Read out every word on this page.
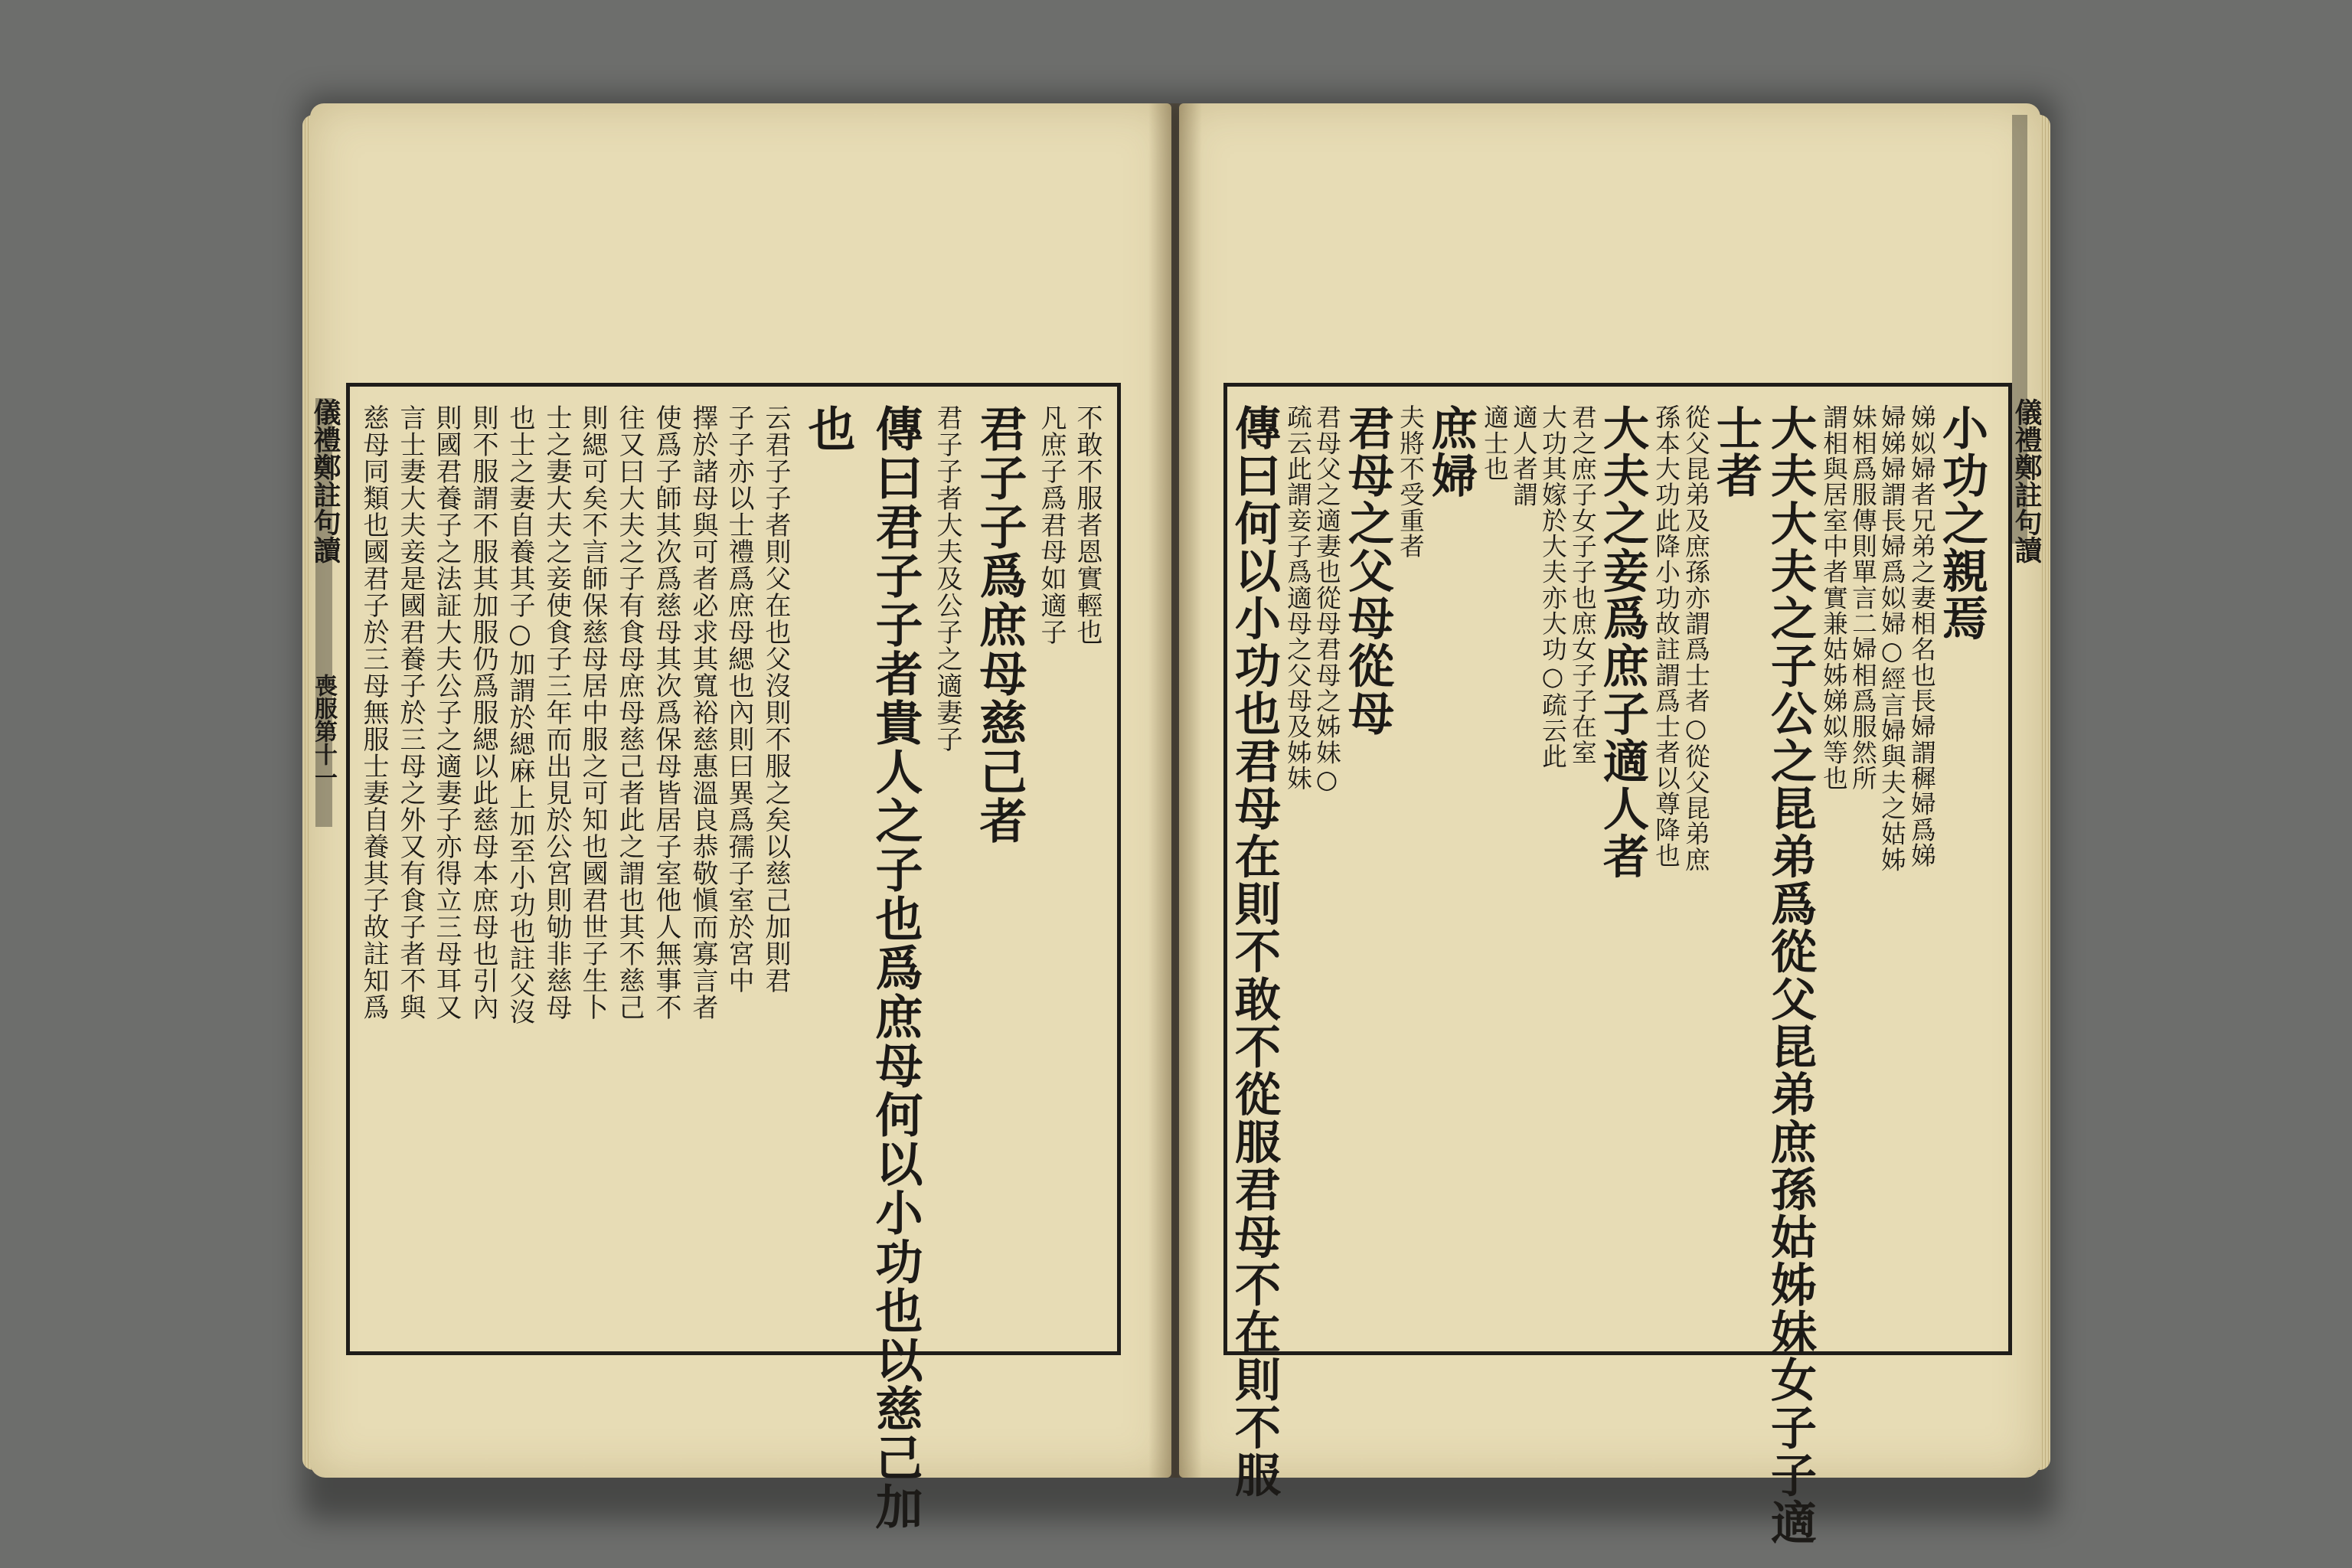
儀禮鄭註句讀
喪服第十一
儀禮鄭註句讀
不敢不服者恩實輕也
凡庶子爲君母如適子
君子子爲庶母慈己者
君子子者大夫及公子之適妻子
傳曰君子子者貴人之子也爲庶母何以小功也以慈己加
也
云君子子者則父在也父沒則不服之矣以慈己加則君
子子亦以士禮爲庶母緦也內則曰異爲孺子室於宮中
擇於諸母與可者必求其寬裕慈惠溫良恭敬愼而寡言者
使爲子師其次爲慈母其次爲保母皆居子室他人無事不
往又曰大夫之子有食母庶母慈己者此之謂也其不慈己
則緦可矣不言師保慈母居中服之可知也國君世子生卜
士之妻大夫之妾使食子三年而出見於公宮則劬非慈母
也士之妻自養其子○加謂於緦麻上加至小功也註父沒
則不服謂不服其加服仍爲服緦以此慈母本庶母也引內
則國君養子之法証大夫公子之適妻子亦得立三母耳又
言士妻大夫妾是國君養子於三母之外又有食子者不與
慈母同類也國君子於三母無服士妻自養其子故註知爲	小功之親焉
娣姒婦者兄弟之妻相名也長婦謂穉婦爲娣
婦娣婦謂長婦爲姒婦○經言婦與夫之姑姊
妹相爲服傳則單言二婦相爲服然所
謂相與居室中者實兼姑姊娣姒等也
大夫大夫之子公之昆弟爲從父昆弟庶孫姑姊妹女子子適
士者
從父昆弟及庶孫亦謂爲士者○從父昆弟庶
孫本大功此降小功故註謂爲士者以尊降也
大夫之妾爲庶子適人者
君之庶子女子子也庶女子子在室
大功其嫁於大夫亦大功○疏云此
適人者謂
適士也
庶婦
夫將不受重者
君母之父母從母
君母父之適妻也從母君母之姊妹○
疏云此謂妾子爲適母之父母及姊妹
傳曰何以小功也君母在則不敢不從服君母不在則不服
